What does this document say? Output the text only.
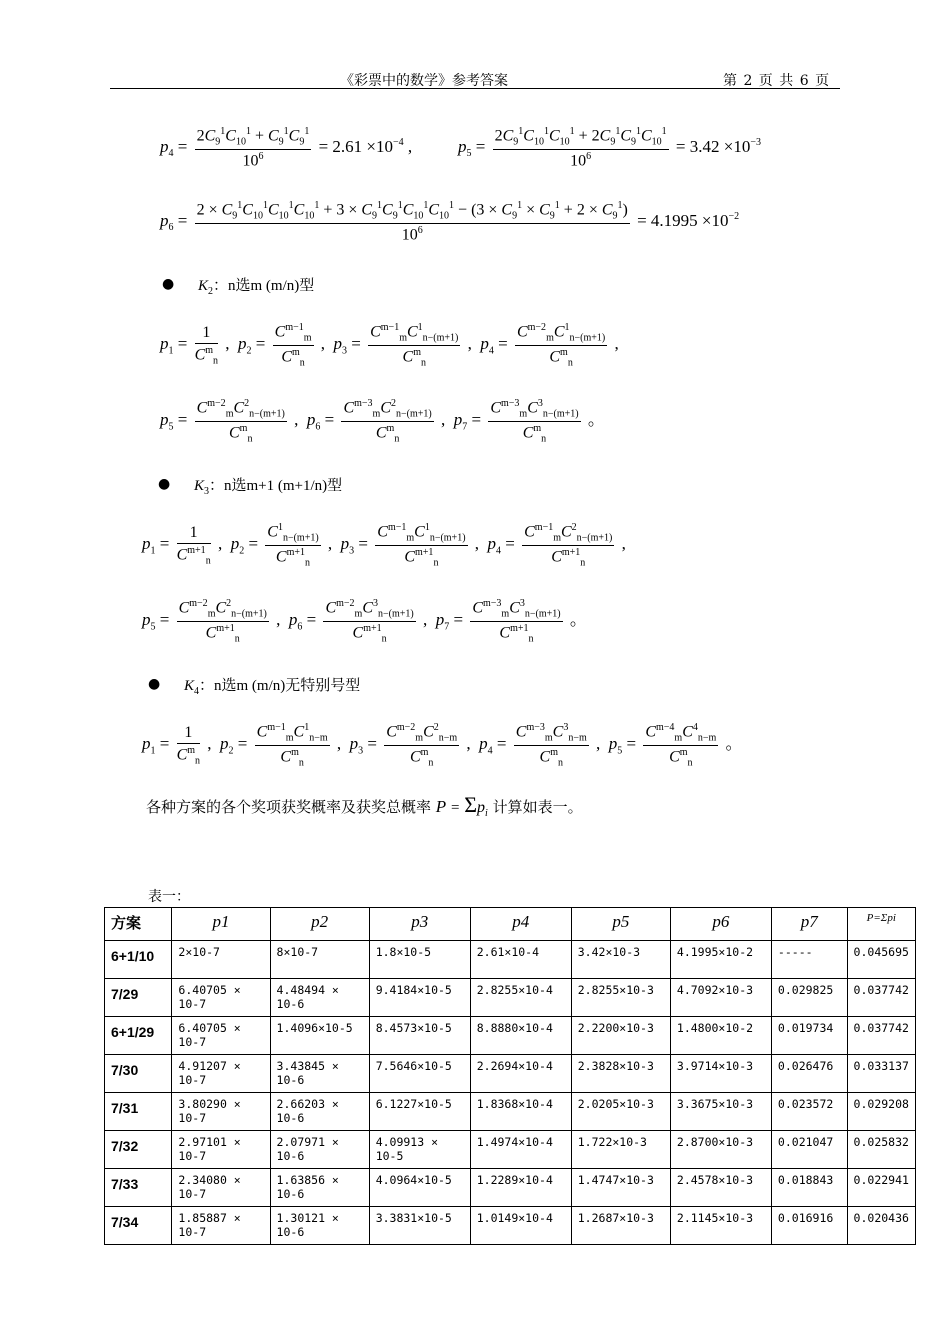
《彩票中的数学》参考答案	第 2 页 共 6 页
$p_4 = \frac{2C_9^1C_{10}^1 + C_9^1C_9^1}{10^6} = 2.61 \times 10^{-4}$ ,	$p_5 = \frac{2C_9^1C_{10}^1C_{10}^1 + 2C_9^1C_9^1C_{10}^1}{10^6} = 3.42 \times 10^{-3}$
$p_6$ =
$2 \times C_9^1C_{10}^1C_{10}^1C_{10}^1 + 3 \times C_9^1C_9^1C_{10}^1C_{10}^1 - (3 \times C_9^1 \times C_9^1 + 2 \times C_9^1)$
$10^6$
= $4.1995 \times 10^{-2}$
● $K_2$：n选m (m/n)型
$p_1 = \frac{1}{C^m_n}$ ,  $p_2 = \frac{C^{m-1}_m}{C^m_n}$ ,  $p_3 = \frac{C^{m-1}_mC^1_{n-(m+1)}}{C^m_n}$ ,  $p_4 = \frac{C^{m-2}_mC^1_{n-(m+1)}}{C^m_n}$ ,
$p_5 = \frac{C^{m-2}_mC^2_{n-(m+1)}}{C^m_n}$ ,  $p_6 = \frac{C^{m-3}_mC^2_{n-(m+1)}}{C^m_n}$ ,  $p_7 = \frac{C^{m-3}_mC^3_{n-(m+1)}}{C^m_n}$ 。
● $K_3$：n选m+1 (m+1/n)型
$p_1 = \frac{1}{C^{m+1}_n}$ ,  $p_2 = \frac{C^1_{n-(m+1)}}{C^{m+1}_n}$ ,  $p_3 = \frac{C^{m-1}_mC^1_{n-(m+1)}}{C^{m+1}_n}$ ,  $p_4 = \frac{C^{m-1}_mC^2_{n-(m+1)}}{C^{m+1}_n}$ ,
$p_5 = \frac{C^{m-2}_mC^2_{n-(m+1)}}{C^{m+1}_n}$ ,  $p_6 = \frac{C^{m-2}_mC^3_{n-(m+1)}}{C^{m+1}_n}$ ,  $p_7 = \frac{C^{m-3}_mC^3_{n-(m+1)}}{C^{m+1}_n}$ 。
● $K_4$：n选m (m/n)无特别号型
$p_1 = \frac{1}{C^m_n}$ ,  $p_2 = \frac{C^{m-1}_mC^1_{n-m}}{C^m_n}$ ,  $p_3 = \frac{C^{m-2}_mC^2_{n-m}}{C^m_n}$ ,  $p_4 = \frac{C^{m-3}_mC^3_{n-m}}{C^m_n}$ ,  $p_5 = \frac{C^{m-4}_mC^4_{n-m}}{C^m_n}$ 。
各种方案的各个奖项获奖概率及获奖总概率 $P = \Sigma p_i$ 计算如表一。
表一：
方案	p1	p2	p3	p4	p5	p6	p7	P=Σpi
6+1/10	2×10-7	8×10-7	1.8×10-5	2.61×10-4	3.42×10-3	4.1995×10-2	-----	0.045695
7/29	6.40705 × 10-7	4.48494 × 10-6	9.4184×10-5	2.8255×10-4	2.8255×10-3	4.7092×10-3	0.029825	0.037742
6+1/29	6.40705 × 10-7	1.4096×10-5	8.4573×10-5	8.8880×10-4	2.2200×10-3	1.4800×10-2	0.019734	0.037742
7/30	4.91207 × 10-7	3.43845 × 10-6	7.5646×10-5	2.2694×10-4	2.3828×10-3	3.9714×10-3	0.026476	0.033137
7/31	3.80290 × 10-7	2.66203 × 10-6	6.1227×10-5	1.8368×10-4	2.0205×10-3	3.3675×10-3	0.023572	0.029208
7/32	2.97101 × 10-7	2.07971 × 10-6	4.09913 × 10-5	1.4974×10-4	1.722×10-3	2.8700×10-3	0.021047	0.025832
7/33	2.34080 × 10-7	1.63856 × 10-6	4.0964×10-5	1.2289×10-4	1.4747×10-3	2.4578×10-3	0.018843	0.022941
7/34	1.85887 × 10-7	1.30121 × 10-6	3.3831×10-5	1.0149×10-4	1.2687×10-3	2.1145×10-3	0.016916	0.020436
